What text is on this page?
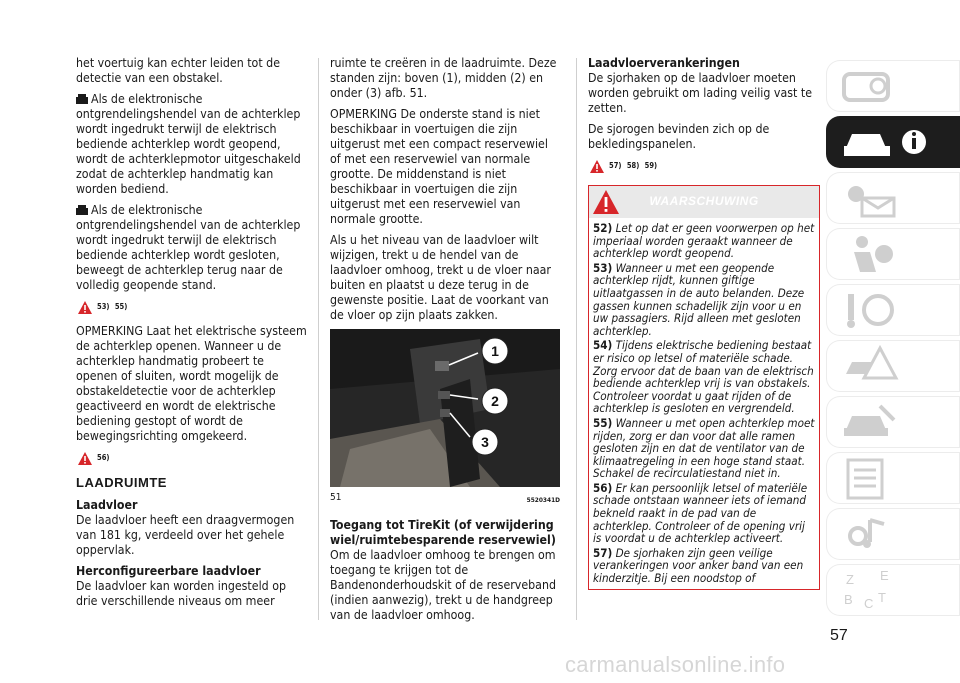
het voertuig kan echter leiden tot de detectie van een obstakel.

Als de elektronische ontgrendelingshendel van de achterklep wordt ingedrukt terwijl de elektrisch bediende achterklep wordt geopend, wordt de achterklepmotor uitgeschakeld zodat de achterklep handmatig kan worden bediend.

Als de elektronische ontgrendelingshendel van de achterklep wordt ingedrukt terwijl de elektrisch bediende achterklep wordt gesloten, beweegt de achterklep terug naar de volledig geopende stand.

53) 55)

OPMERKING Laat het elektrische systeem de achterklep openen. Wanneer u de achterklep handmatig probeert te openen of sluiten, wordt mogelijk de obstakeldetectie voor de achterklep geactiveerd en wordt de elektrische bediening gestopt of wordt de bewegingsrichting omgekeerd.

56)
LAADRUIMTE
Laadvloer

De laadvloer heeft een draagvermogen van 181 kg, verdeeld over het gehele oppervlak.

Herconfigureerbare laadvloer

De laadvloer kan worden ingesteld op drie verschillende niveaus om meer

ruimte te creëren in de laadruimte. Deze standen zijn: boven (1), midden (2) en onder (3) afb. 51.

OPMERKING De onderste stand is niet beschikbaar in voertuigen die zijn uitgerust met een compact reservewiel of met een reservewiel van normale grootte. De middenstand is niet beschikbaar in voertuigen die zijn uitgerust met een reservewiel van normale grootte.

Als u het niveau van de laadvloer wilt wijzigen, trekt u de hendel van de laadvloer omhoog, trekt u de vloer naar buiten en plaatst u deze terug in de gewenste positie. Laat de voorkant van de vloer op zijn plaats zakken.

1
2
3
51	5520341D
Toegang tot TireKit (of verwijdering wiel/ruimtebesparende reservewiel)

Om de laadvloer omhoog te brengen om toegang te krijgen tot de Bandenonderhoudskit of de reserveband (indien aanwezig), trekt u de handgreep van de laadvloer omhoog.

Laadvloerverankeringen

De sjorhaken op de laadvloer moeten worden gebruikt om lading veilig vast te zetten.

De sjorogen bevinden zich op de bekledingspanelen.

57) 58) 59)
WAARSCHUWING

52) Let op dat er geen voorwerpen op het imperiaal worden geraakt wanneer de achterklep wordt geopend.

53) Wanneer u met een geopende achterklep rijdt, kunnen giftige uitlaatgassen in de auto belanden. Deze gassen kunnen schadelijk zijn voor u en uw passagiers. Rijd alleen met gesloten achterklep.

54) Tijdens elektrische bediening bestaat er risico op letsel of materiële schade. Zorg ervoor dat de baan van de elektrisch bediende achterklep vrij is van obstakels. Controleer voordat u gaat rijden of de achterklep is gesloten en vergrendeld.

55) Wanneer u met open achterklep moet rijden, zorg er dan voor dat alle ramen gesloten zijn en dat de ventilator van de klimaatregeling in een hoge stand staat. Schakel de recirculatiestand niet in.

56) Er kan persoonlijk letsel of materiële schade ontstaan wanneer iets of iemand bekneld raakt in de pad van de achterklep. Controleer of de opening vrij is voordat u de achterklep activeert.

57) De sjorhaken zijn geen veilige verankeringen voor anker band van een kinderzitje. Bij een noodstop of	Z E
B C T
57
carmanualsonline.info
